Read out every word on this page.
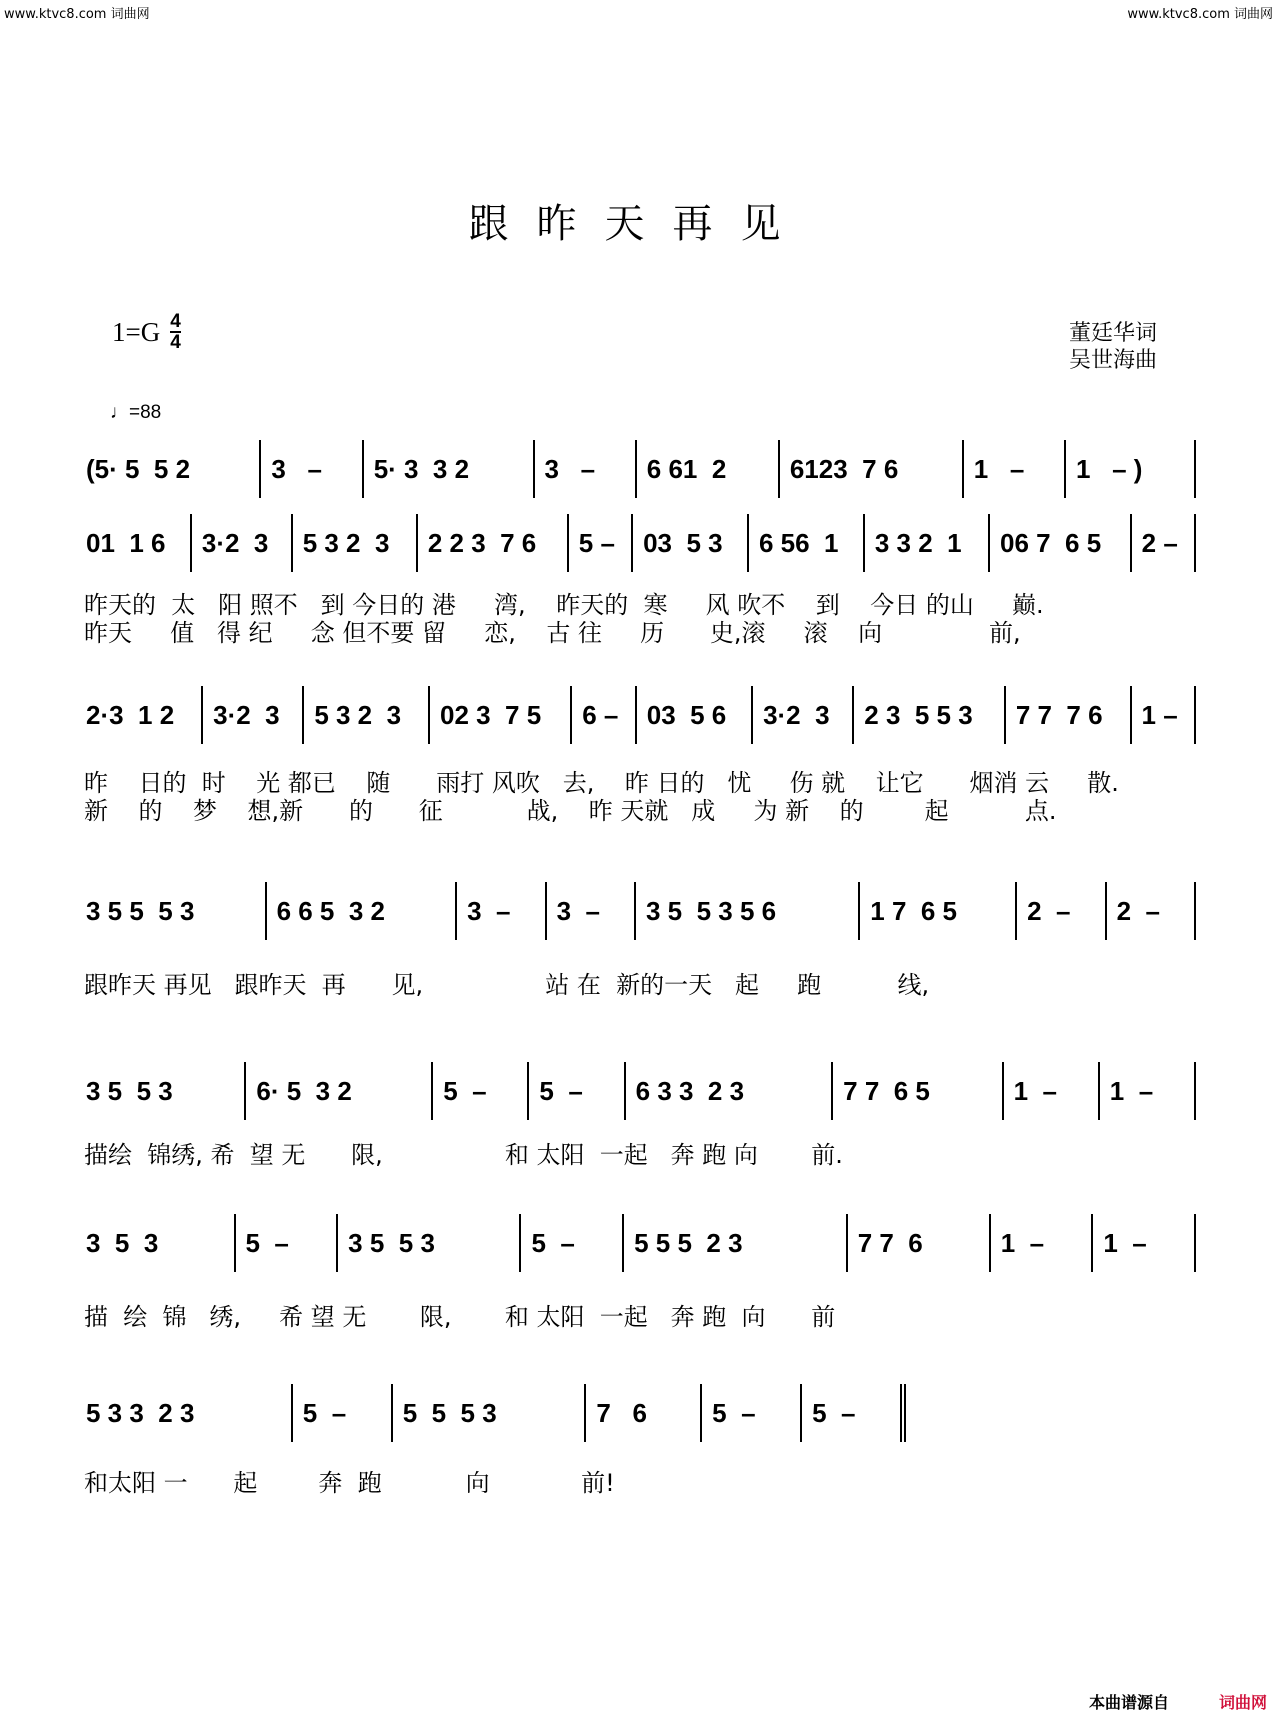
www.ktvc8.com 词曲网	www.ktvc8.com 词曲网
跟昨天再见
$1=G \frac{4}{4}$	董廷华词
吴世海曲
♩=88
(5· 5  5 2	3   –	5· 3  3 2	3   –	6 61  2	6123  7 6	1   –	1   – )
01  1 6	3·2  3	5 3 2  3	2 2 3  7 6	5 –	03  5 3	6 56  1	3 3 2  1	06 7  6 5	2 –
昨天的  太   阳 照不   到 今日的 港     湾,    昨天的  寒     风 吹不    到    今日 的山     巅.
昨天     值   得 纪     念 但不要 留     恋,    古 往     历      史,滚     滚    向              前,
2·3  1 2	3·2  3	5 3 2  3	02 3  7 5	6 –	03  5 6	3·2  3	2 3  5 5 3	7 7  7 6	1 –
昨    日的  时    光 都已    随      雨打 风吹   去,    昨 日的   忧     伤 就    让它      烟消 云     散.
新    的    梦    想,新      的      征           战,    昨 天就   成     为 新    的        起          点.
3 5 5  5 3	6 6 5  3 2	3  –	3  –	3 5  5 3 5 6	1 7  6 5	2  –	2  –
跟昨天 再见   跟昨天  再      见,                站 在  新的一天   起     跑          线,
3 5  5 3	6· 5  3 2	5  –	5  –	6 3 3  2 3	7 7  6 5	1  –	1  –
描绘  锦绣, 希  望 无      限,                和 太阳  一起   奔 跑 向       前.
3  5  3	5  –	3 5  5 3	5  –	5 5 5  2 3	7 7  6	1  –	1  –
描  绘  锦   绣,     希 望 无       限,       和 太阳  一起   奔 跑  向      前
5 3 3  2 3	5  –	5  5  5 3	7   6	5  –	5  –
和太阳 一      起        奔  跑           向            前!
本曲谱源自	词曲网
